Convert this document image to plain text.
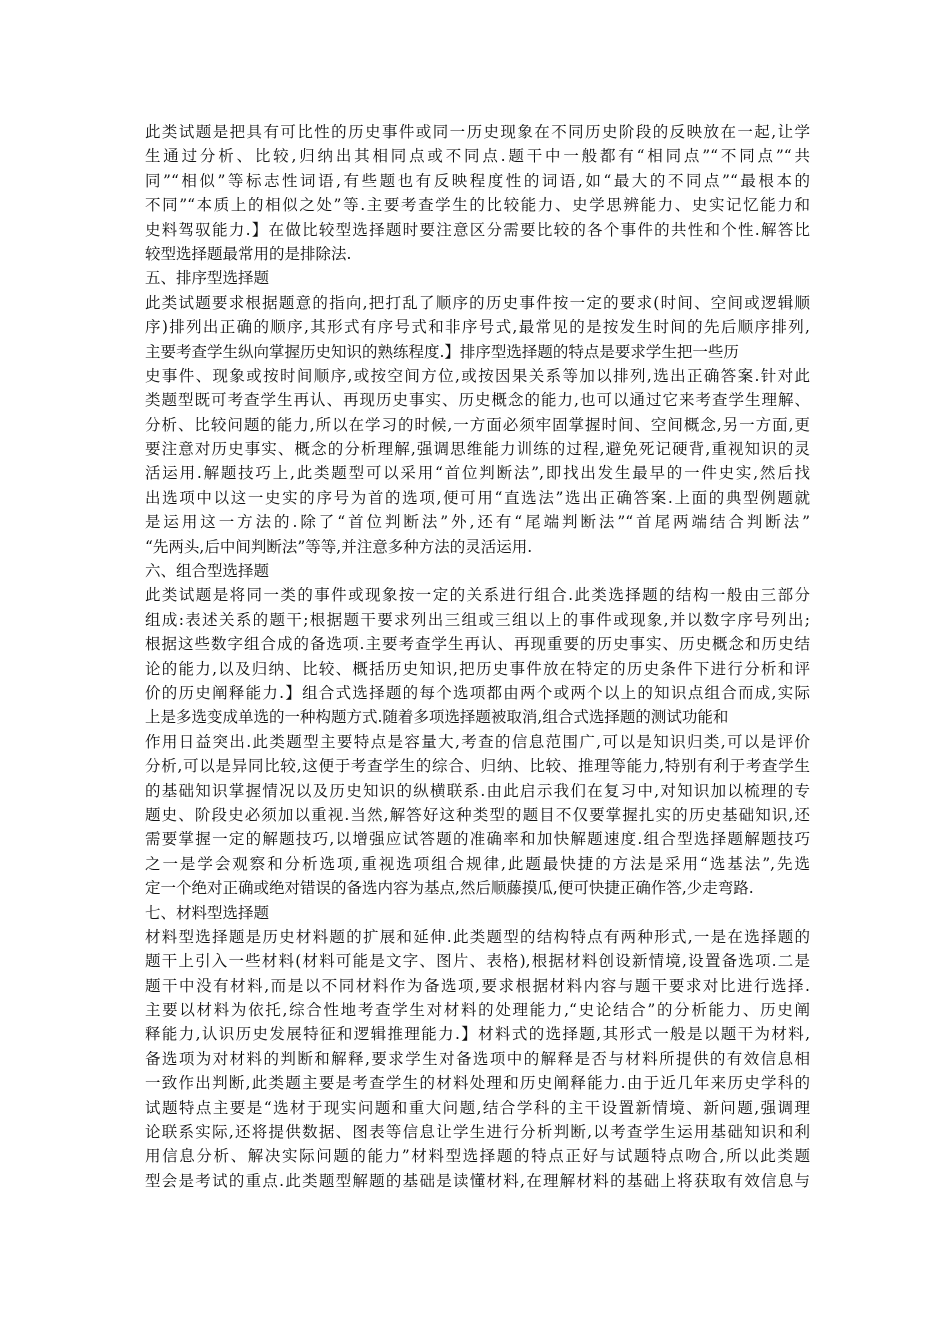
此类试题是把具有可比性的历史事件或同一历史现象在不同历史阶段的反映放在一起,让学
生通过分析、比较,归纳出其相同点或不同点.题干中一般都有“相同点”“不同点”“共
同”“相似”等标志性词语,有些题也有反映程度性的词语,如“最大的不同点”“最根本的
不同”“本质上的相似之处”等.主要考查学生的比较能力、史学思辨能力、史实记忆能力和
史料驾驭能力.】在做比较型选择题时要注意区分需要比较的各个事件的共性和个性.解答比
较型选择题最常用的是排除法.
五、排序型选择题
此类试题要求根据题意的指向,把打乱了顺序的历史事件按一定的要求(时间、空间或逻辑顺
序)排列出正确的顺序,其形式有序号式和非序号式,最常见的是按发生时间的先后顺序排列,
主要考查学生纵向掌握历史知识的熟练程度.】排序型选择题的特点是要求学生把一些历
史事件、现象或按时间顺序,或按空间方位,或按因果关系等加以排列,选出正确答案.针对此
类题型既可考查学生再认、再现历史事实、历史概念的能力,也可以通过它来考查学生理解、
分析、比较问题的能力,所以在学习的时候,一方面必须牢固掌握时间、空间概念,另一方面,更
要注意对历史事实、概念的分析理解,强调思维能力训练的过程,避免死记硬背,重视知识的灵
活运用.解题技巧上,此类题型可以采用“首位判断法”,即找出发生最早的一件史实,然后找
出选项中以这一史实的序号为首的选项,便可用“直选法”选出正确答案.上面的典型例题就
是运用这一方法的.除了“首位判断法”外,还有“尾端判断法”“首尾两端结合判断法”
“先两头,后中间判断法”等等,并注意多种方法的灵活运用.
六、组合型选择题
此类试题是将同一类的事件或现象按一定的关系进行组合.此类选择题的结构一般由三部分
组成:表述关系的题干;根据题干要求列出三组或三组以上的事件或现象,并以数字序号列出;
根据这些数字组合成的备选项.主要考查学生再认、再现重要的历史事实、历史概念和历史结
论的能力,以及归纳、比较、概括历史知识,把历史事件放在特定的历史条件下进行分析和评
价的历史阐释能力.】组合式选择题的每个选项都由两个或两个以上的知识点组合而成,实际
上是多选变成单选的一种构题方式.随着多项选择题被取消,组合式选择题的测试功能和
作用日益突出.此类题型主要特点是容量大,考查的信息范围广,可以是知识归类,可以是评价
分析,可以是异同比较,这便于考查学生的综合、归纳、比较、推理等能力,特别有利于考查学生
的基础知识掌握情况以及历史知识的纵横联系.由此启示我们在复习中,对知识加以梳理的专
题史、阶段史必须加以重视.当然,解答好这种类型的题目不仅要掌握扎实的历史基础知识,还
需要掌握一定的解题技巧,以增强应试答题的准确率和加快解题速度.组合型选择题解题技巧
之一是学会观察和分析选项,重视选项组合规律,此题最快捷的方法是采用“选基法”,先选
定一个绝对正确或绝对错误的备选内容为基点,然后顺藤摸瓜,便可快捷正确作答,少走弯路.
七、材料型选择题
材料型选择题是历史材料题的扩展和延伸.此类题型的结构特点有两种形式,一是在选择题的
题干上引入一些材料(材料可能是文字、图片、表格),根据材料创设新情境,设置备选项.二是
题干中没有材料,而是以不同材料作为备选项,要求根据材料内容与题干要求对比进行选择.
主要以材料为依托,综合性地考查学生对材料的处理能力,“史论结合”的分析能力、历史阐
释能力,认识历史发展特征和逻辑推理能力.】材料式的选择题,其形式一般是以题干为材料,
备选项为对材料的判断和解释,要求学生对备选项中的解释是否与材料所提供的有效信息相
一致作出判断,此类题主要是考查学生的材料处理和历史阐释能力.由于近几年来历史学科的
试题特点主要是“选材于现实问题和重大问题,结合学科的主干设置新情境、新问题,强调理
论联系实际,还将提供数据、图表等信息让学生进行分析判断,以考查学生运用基础知识和利
用信息分析、解决实际问题的能力”材料型选择题的特点正好与试题特点吻合,所以此类题
型会是考试的重点.此类题型解题的基础是读懂材料,在理解材料的基础上将获取有效信息与
